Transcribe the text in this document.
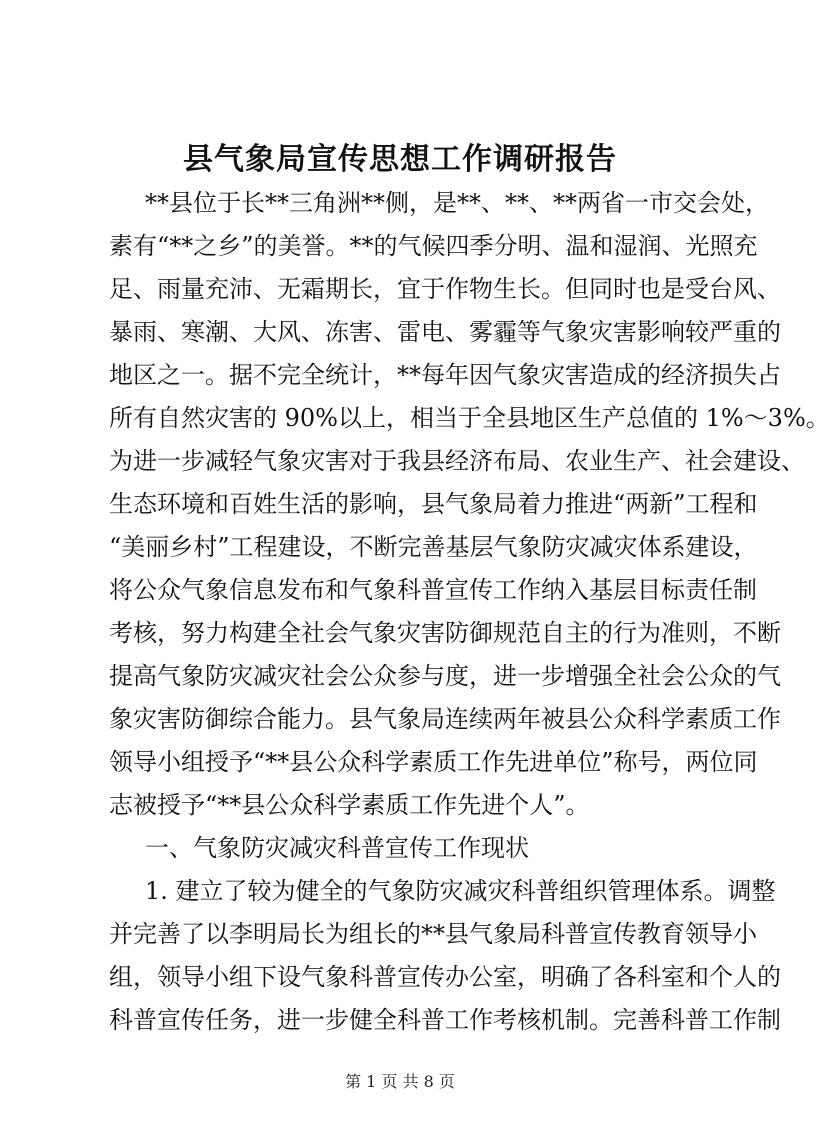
县气象局宣传思想工作调研报告
**县位于长**三角洲**侧，是**、**、**两省一市交会处，
素有“**之乡”的美誉。**的气候四季分明、温和湿润、光照充
足、雨量充沛、无霜期长，宜于作物生长。但同时也是受台风、
暴雨、寒潮、大风、冻害、雷电、雾霾等气象灾害影响较严重的
地区之一。据不完全统计，**每年因气象灾害造成的经济损失占
所有自然灾害的 90%以上，相当于全县地区生产总值的 1%～3%。
为进一步减轻气象灾害对于我县经济布局、农业生产、社会建设、
生态环境和百姓生活的影响，县气象局着力推进“两新”工程和
“美丽乡村”工程建设，不断完善基层气象防灾减灾体系建设，
将公众气象信息发布和气象科普宣传工作纳入基层目标责任制
考核，努力构建全社会气象灾害防御规范自主的行为准则，不断
提高气象防灾减灾社会公众参与度，进一步增强全社会公众的气
象灾害防御综合能力。县气象局连续两年被县公众科学素质工作
领导小组授予“**县公众科学素质工作先进单位”称号，两位同
志被授予“**县公众科学素质工作先进个人”。
一、气象防灾减灾科普宣传工作现状
1. 建立了较为健全的气象防灾减灾科普组织管理体系。调整
并完善了以李明局长为组长的**县气象局科普宣传教育领导小
组，领导小组下设气象科普宣传办公室，明确了各科室和个人的
科普宣传任务，进一步健全科普工作考核机制。完善科普工作制
第 1 页 共 8 页
